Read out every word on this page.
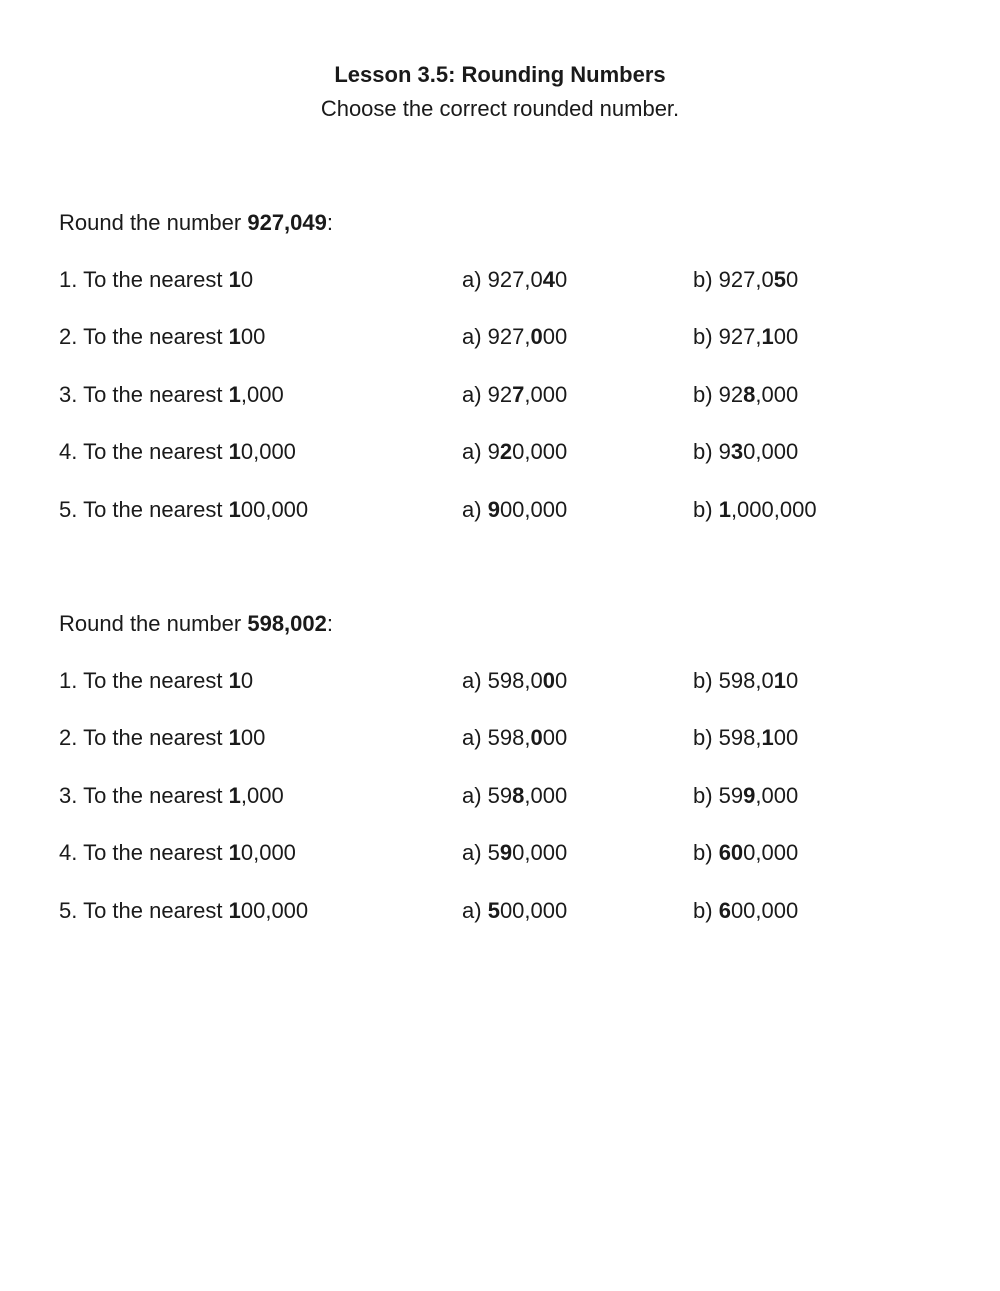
Lesson 3.5: Rounding Numbers

Choose the correct rounded number.

Round the number 927,049:
1. To the nearest 10	a) 927,040	b) 927,050
2. To the nearest 100	a) 927,000	b) 927,100
3. To the nearest 1,000	a) 927,000	b) 928,000
4. To the nearest 10,000	a) 920,000	b) 930,000
5. To the nearest 100,000	a) 900,000	b) 1,000,000
Round the number 598,002:
1. To the nearest 10	a) 598,000	b) 598,010
2. To the nearest 100	a) 598,000	b) 598,100
3. To the nearest 1,000	a) 598,000	b) 599,000
4. To the nearest 10,000	a) 590,000	b) 600,000
5. To the nearest 100,000	a) 500,000	b) 600,000
